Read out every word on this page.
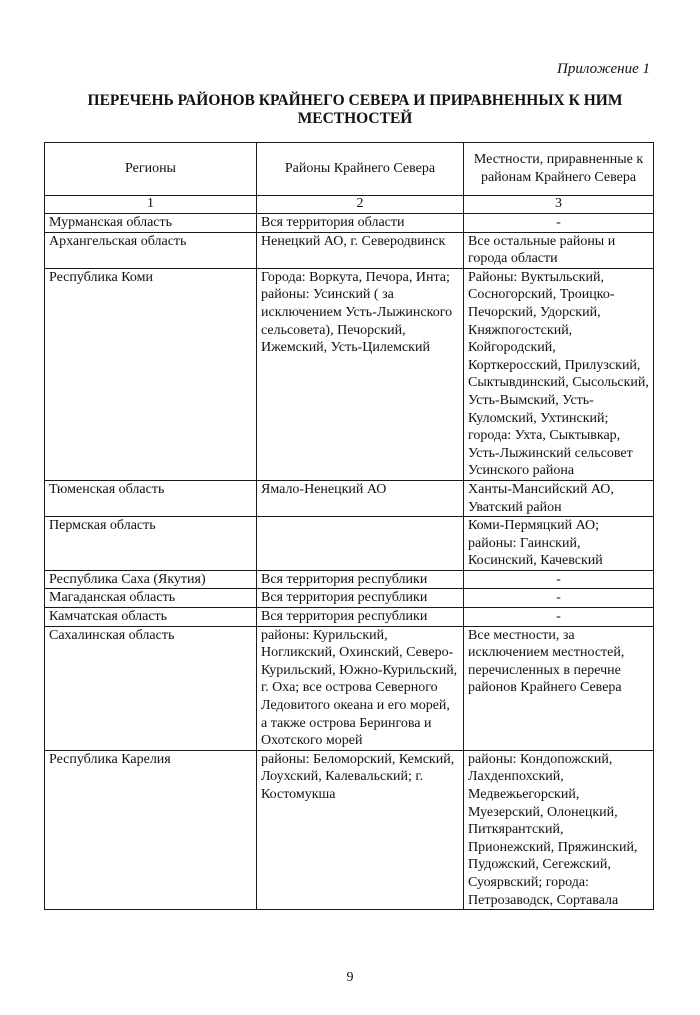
Приложение 1
ПЕРЕЧЕНЬ РАЙОНОВ КРАЙНЕГО СЕВЕРА И ПРИРАВНЕННЫХ К НИМ
МЕСТНОСТЕЙ
Регионы	Районы Крайнего Севера	Местности, приравненные к районам Крайнего Севера
1	2	3
Мурманская область	Вся территория области	-
Архангельская область	Ненецкий АО, г. Северодвинск	Все остальные районы и города области
Республика Коми	Города: Воркута, Печора, Инта; районы: Усинский ( за исключением Усть-Лыжинского сельсовета), Печорский, Ижемский, Усть-Цилемский	Районы: Вуктыльский, Сосногорский, Троицко-Печорский, Удорский, Княжпогостский, Койгородский, Корткеросский, Прилузский, Сыктывдинский, Сысольский, Усть-Вымский, Усть-Куломский, Ухтинский; города: Ухта, Сыктывкар, Усть-Лыжинский сельсовет Усинского района
Тюменская область	Ямало-Ненецкий АО	Ханты-Мансийский АО, Уватский район
Пермская область		Коми-Пермяцкий АО; районы: Гаинский, Косинский, Качевский
Республика Саха (Якутия)	Вся территория республики	-
Магаданская область	Вся территория республики	-
Камчатская область	Вся территория республики	-
Сахалинская область	районы: Курильский, Ногликский, Охинский, Северо-Курильский, Южно-Курильский, г. Оха; все острова Северного Ледовитого океана и его морей, а также острова Берингова и Охотского морей	Все местности, за исключением местностей, перечисленных в перечне районов Крайнего Севера
Республика Карелия	районы: Беломорский, Кемский, Лоухский, Калевальский; г. Костомукша	районы: Кондопожский, Лахденпохский, Медвежьегорский, Муезерский, Олонецкий, Питкярантский, Прионежский, Пряжинский, Пудожский, Сегежский, Суоярвский; города: Петрозаводск, Сортавала
9
